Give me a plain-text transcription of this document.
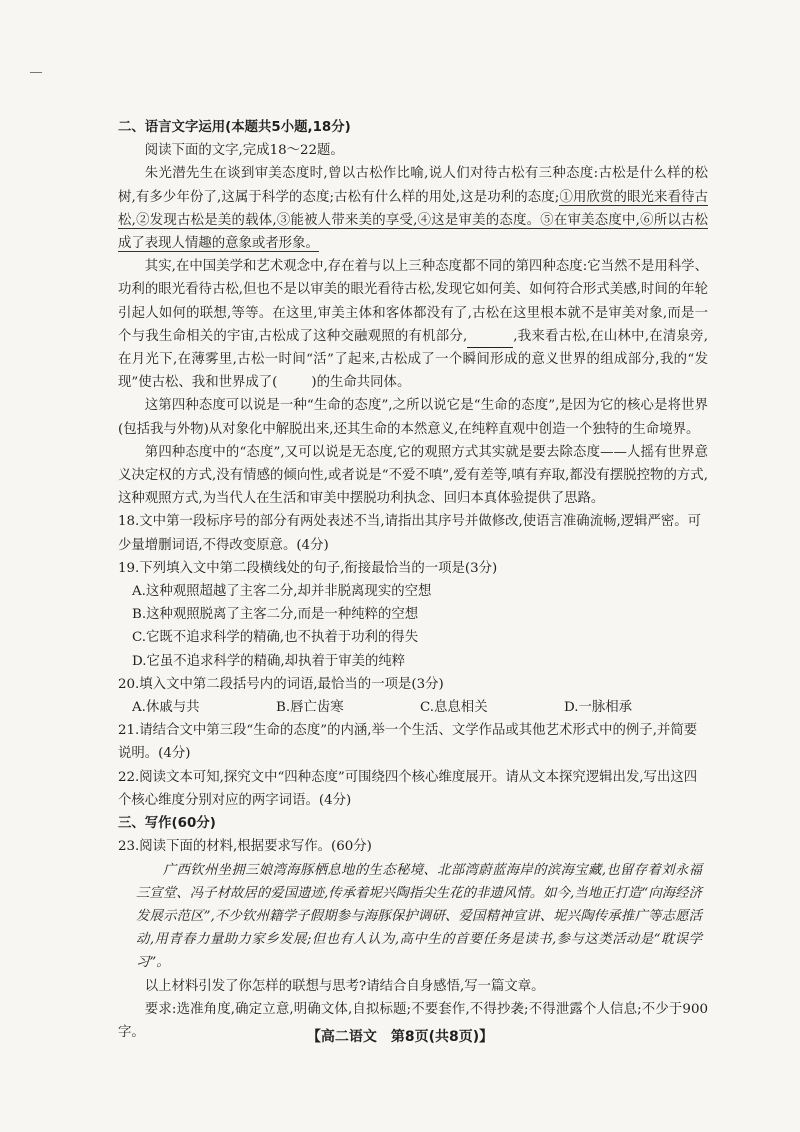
二、语言文字运用(本题共5小题,18分)

阅读下面的文字,完成18～22题。

朱光潜先生在谈到审美态度时,曾以古松作比喻,说人们对待古松有三种态度:古松是什么样的松树,有多少年份了,这属于科学的态度;古松有什么样的用处,这是功利的态度;①用欣赏的眼光来看待古松,②发现古松是美的载体,③能被人带来美的享受,④这是审美的态度。⑤在审美态度中,⑥所以古松成了表现人情趣的意象或者形象。

其实,在中国美学和艺术观念中,存在着与以上三种态度都不同的第四种态度:它当然不是用科学、功利的眼光看待古松,但也不是以审美的眼光看待古松,发现它如何美、如何符合形式美感,时间的年轮引起人如何的联想,等等。在这里,审美主体和客体都没有了,古松在这里根本就不是审美对象,而是一个与我生命相关的宇宙,古松成了这种交融观照的有机部分,	,我来看古松,在山林中,在清泉旁,在月光下,在薄雾里,古松一时间“活”了起来,古松成了一个瞬间形成的意义世界的组成部分,我的“发现”使古松、我和世界成了(	)的生命共同体。

这第四种态度可以说是一种“生命的态度”,之所以说它是“生命的态度”,是因为它的核心是将世界(包括我与外物)从对象化中解脱出来,还其生命的本然意义,在纯粹直观中创造一个独特的生命境界。

第四种态度中的“态度”,又可以说是无态度,它的观照方式其实就是要去除态度——人摇有世界意义决定权的方式,没有情感的倾向性,或者说是“不爱不嗔”,爱有差等,嗔有弃取,都没有摆脱控物的方式,这种观照方式,为当代人在生活和审美中摆脱功利执念、回归本真体验提供了思路。

18.文中第一段标序号的部分有两处表述不当,请指出其序号并做修改,使语言准确流畅,逻辑严密。可少量增删词语,不得改变原意。(4分)
19.下列填入文中第二段横线处的句子,衔接最恰当的一项是(3分)

A.这种观照超越了主客二分,却并非脱离现实的空想

B.这种观照脱离了主客二分,而是一种纯粹的空想

C.它既不追求科学的精确,也不执着于功利的得失

D.它虽不追求科学的精确,却执着于审美的纯粹

20.填入文中第二段括号内的词语,最恰当的一项是(3分)
A.休戚与共	B.唇亡齿寒	C.息息相关	D.一脉相承
21.请结合文中第三段“生命的态度”的内涵,举一个生活、文学作品或其他艺术形式中的例子,并简要说明。(4分)
22.阅读文本可知,探究文中“四种态度”可围绕四个核心维度展开。请从文本探究逻辑出发,写出这四个核心维度分别对应的两字词语。(4分)
三、写作(60分)
23.阅读下面的材料,根据要求写作。(60分)

广西钦州坐拥三娘湾海豚栖息地的生态秘境、北部湾蔚蓝海岸的滨海宝藏,也留存着刘永福三宣堂、冯子材故居的爱国遗迹,传承着坭兴陶指尖生花的非遗风情。如今,当地正打造“向海经济发展示范区”,不少钦州籍学子假期参与海豚保护调研、爱国精神宣讲、坭兴陶传承推广等志愿活动,用青春力量助力家乡发展;但也有人认为,高中生的首要任务是读书,参与这类活动是“耽误学习”。

以上材料引发了你怎样的联想与思考?请结合自身感悟,写一篇文章。

要求:选准角度,确定立意,明确文体,自拟标题;不要套作,不得抄袭;不得泄露个人信息;不少于900字。	【高二语文　第8页(共8页)】
